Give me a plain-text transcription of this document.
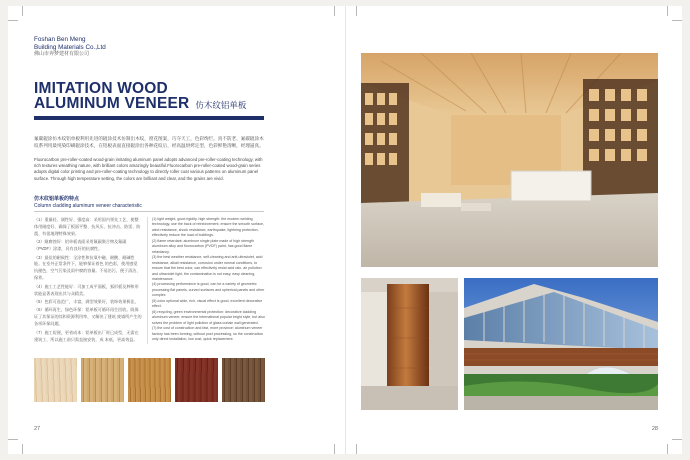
Foshan Ben Meng
Building Materials Co.,Ltd
佛山市奔梦建材有限公司
IMITATION WOOD
ALUMINUM VENEER 仿木纹铝单板
氟碳辊涂仿木纹铝单板利用先进的辊涂技术仿制出木纹，窗花图案，巧夺天工，色彩绚烂。真不防老、氟碳辊涂木纹系列用最纯染印刷辊涂技术，在铝板表面直接辊涂出各种花纹后，经高温烘烤定型，色彩鲜艳清晰，经理逼真。
Fluorocarbon pre-roller-coated wood-grain imitating aluminum panel adopts advanced pre-roller-coating technology, with rich textures wreathing nature, with brilliant colors amazingly beautiful.Fluorocarbon pre-roller-coated wood-grain series adopts digital color printing and pre-roller-coating technology to directly roller coat various patterns on aluminum panel surface. Through high temperature setting, the colors are brilliant and clear, and the grains are vivid.
仿木纹铝单板的特点
Column cladding aluminum veneer characteristic

（1）重量轻、刚性好、强度高：采用国内领先工艺，使整体用刚度好、确保了板面平整、抗风压、抗冲击、防雷、防震、有很地理特殊效果。

（2）耐腐蚀好：铝单板表面采用氟碳聚合物及氟碳（PVDF）涂漆，具有良好的抗腐性。

（3）最佳的耐候性：全涂性和抗氧中磁、耐酸、耐碱性能。在室外正常条件下，能够保证着色 的色彩，使用感觉 抗褪色，空气污染及雨中腐的容量。不易治污，便于清洁、保养。

（4）施工工艺性能好：可加工成平面板，弧形板及种和形状能显著表现出其与众精美。

（5）色彩可选范广，丰富，满型效果好，装饰效果极佳，

（6）循环再生，绿色环保：铝单板可循环再生回收。既保证了其保证的综和资源利用率，又解决了建筑 废墙所产生的各项环保问题。

（7）施工短便，更省成本：铝单板出厂时已成型，无需在建筑工、所以施工前只需直接安装，成 本低，更高效益。

(1) light weight, good rigidity, high strength: the modern welding technology, use the back of reinforcement, ensure the smooth surface, wind resistance, shock resistance, earthquake, lightning protection, effectively reduce the load of buildings.

(2) flame retardant: aluminum single plate made of high strength aluminum alloy and fluorocarbon (PVDF) paint, has good flame retardancy.

(3) the best weather resistance, self-cleaning and anti-ultraviolet, acid resistance, alkali resistance, corrosion under normal conditions, to ensure that the best color, can effectively resist acid rain, air pollution and ultraviolet light, the contamination is not easy, easy cleaning, maintenance.

(4) processing performance is good, can be a variety of geometric processing flat panels, curved surfaces and spherical panels and other complex.

(5) color optional wide, rich, visual effect is good, excellent decorative effect.

(6) recycling, green environmental protection: decorative cladding aluminum veneer, ensure the international popular bright style, but also solves the problem of light pollution of glass curtain wall generated.

(7) the cost of construction and fast, more province: aluminum veneer factory has been forming, without post processing, so the construction only direct installation, low cost, quick replacement.

27	28
